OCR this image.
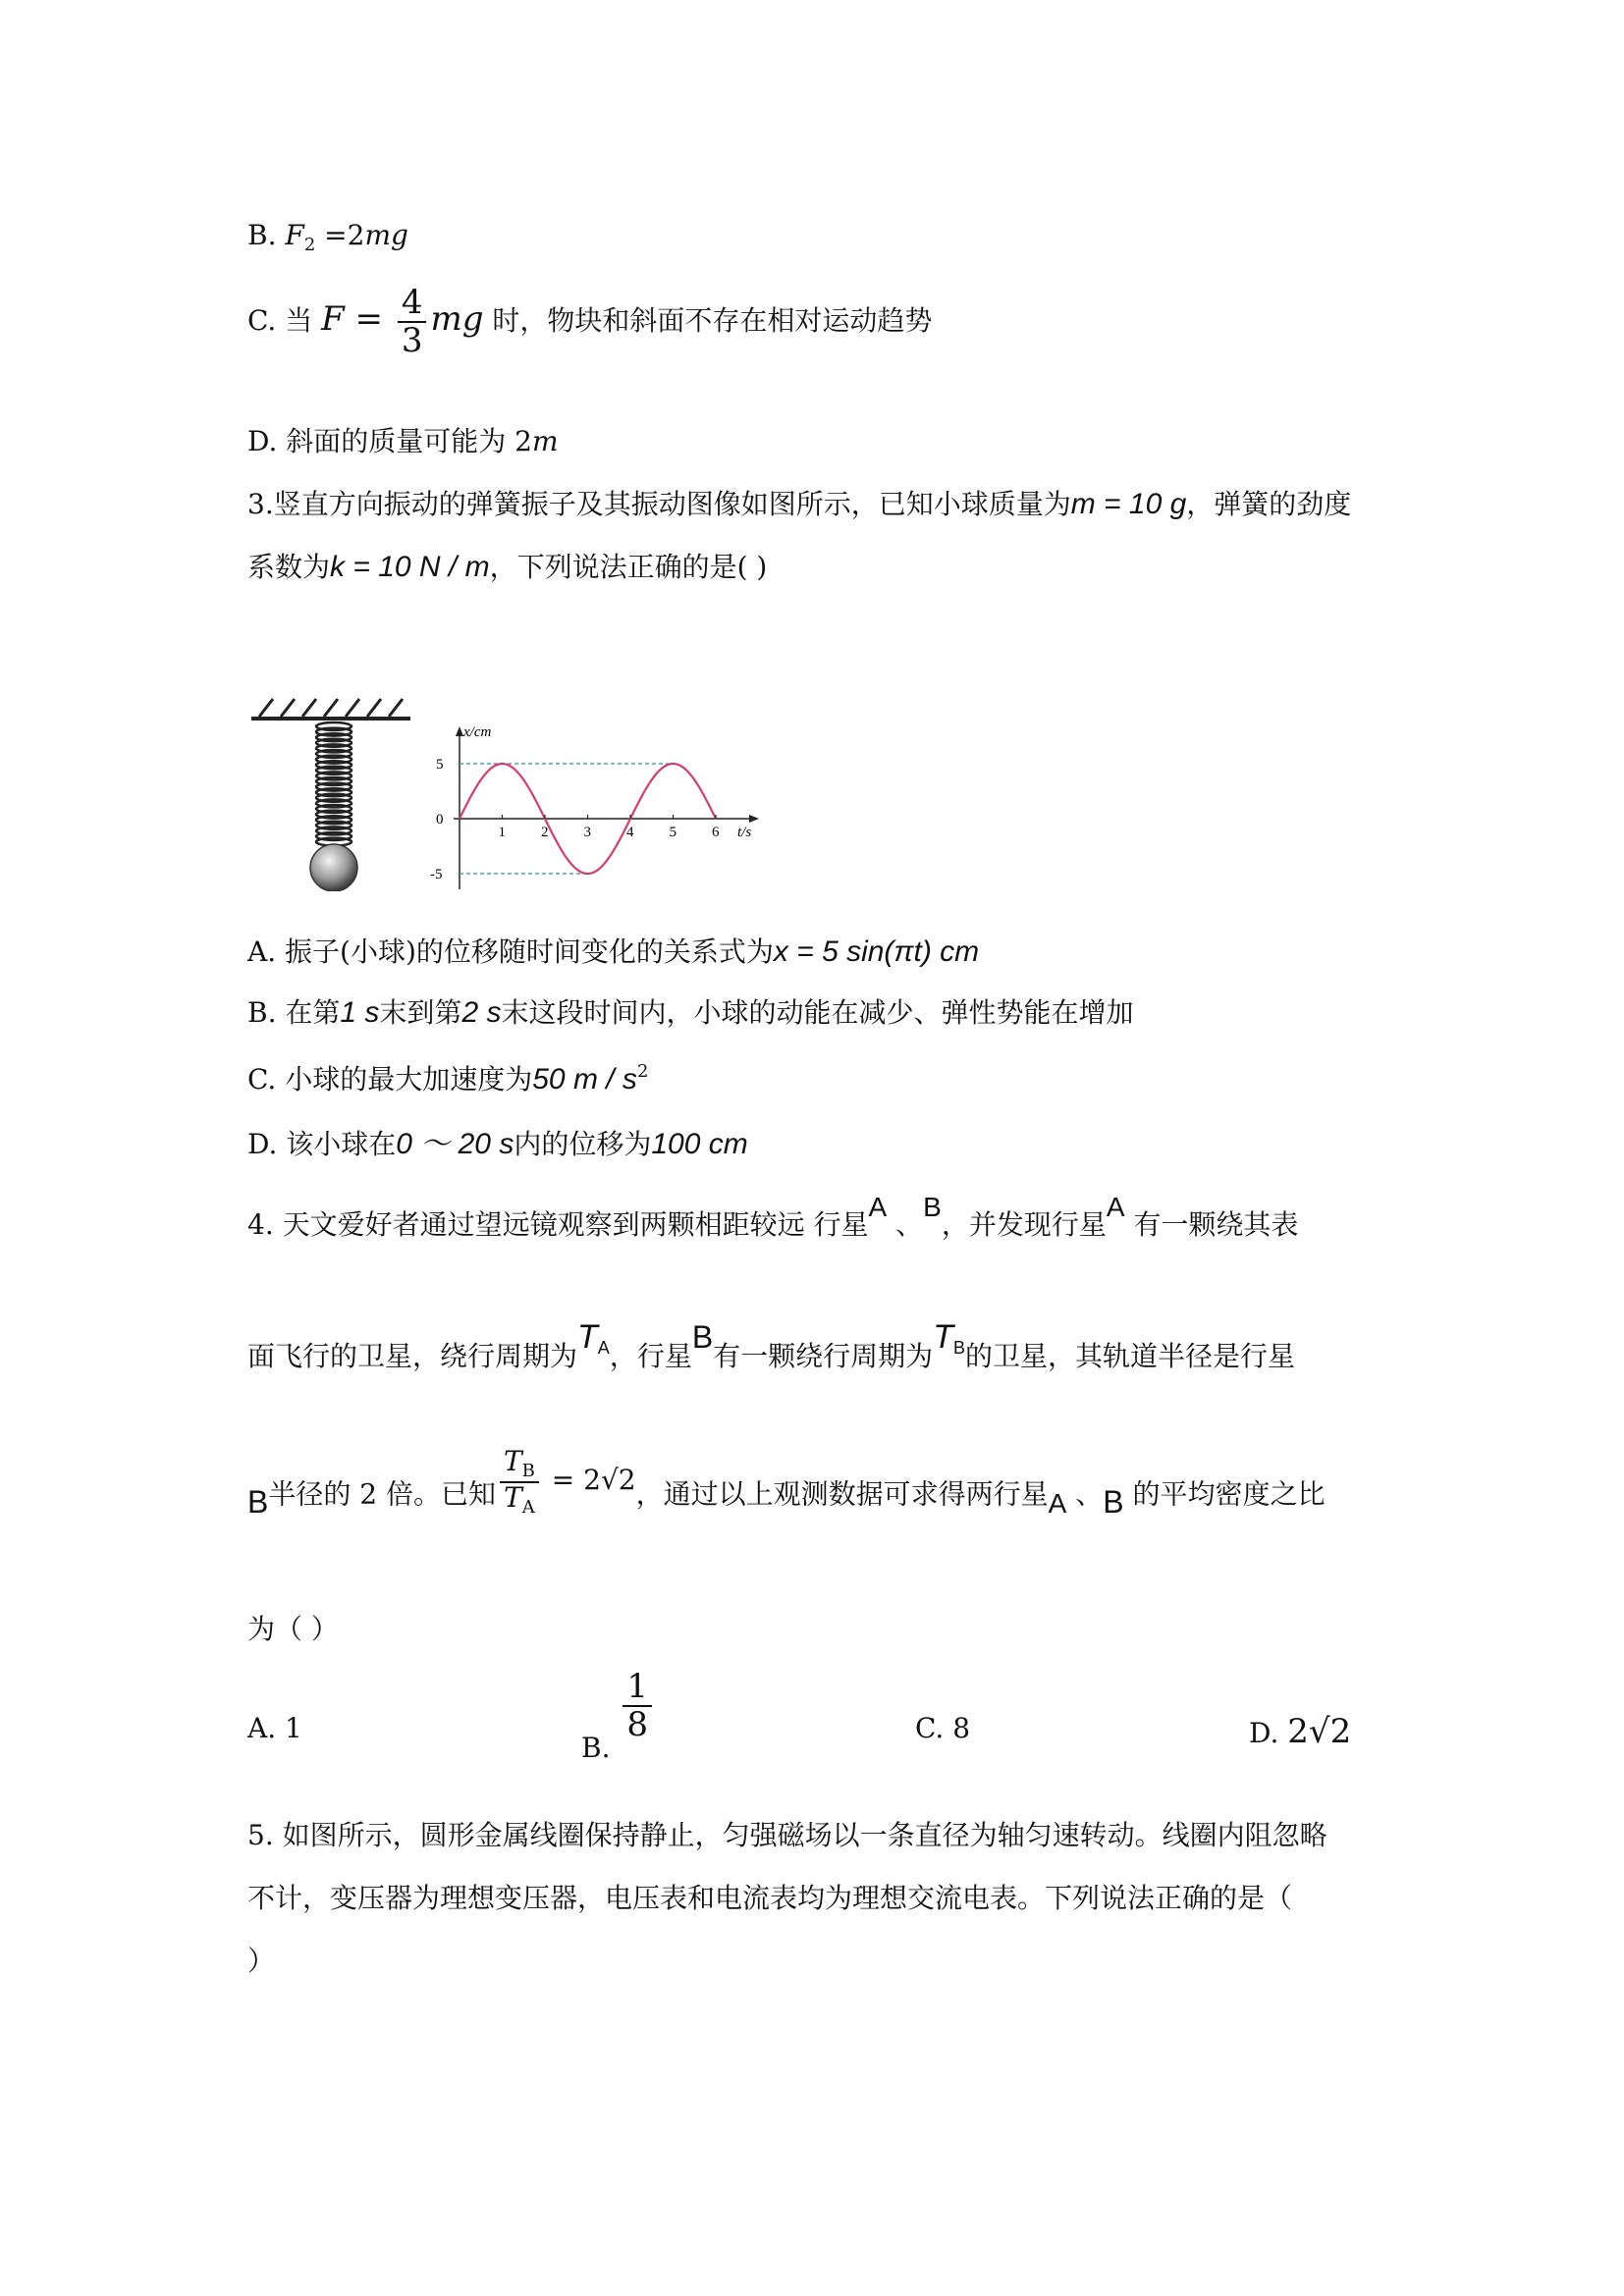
B. $F_2 =2mg$
C. 当 $F = \frac{4}{3}$ mg 时，物块和斜面不存在相对运动趋势
D. 斜面的质量可能为 2m
3.竖直方向振动的弹簧振子及其振动图像如图所示，已知小球质量为m = 10 g，弹簧的劲度
系数为k = 10 N / m，下列说法正确的是( )
1 2 3 4 5 6
5
0
-5
x/cm
t/s
A. 振子(小球)的位移随时间变化的关系式为x = 5 sin(πt) cm
B. 在第1 s末到第2 s末这段时间内，小球的动能在减少、弹性势能在增加
C. 小球的最大加速度为50 m / $s^2$
D. 该小球在0 ～ 20 s内的位移为100 cm
4. 天文爱好者通过望远镜观察到两颗相距较远 行星A 、B，并发现行星A 有一颗绕其表
面飞行的卫星，绕行周期为$T_A$，行星B有一颗绕行周期为$T_B$的卫星，其轨道半径是行星
B半径的 2 倍。已知 $\frac{T_B}{T_A} = 2√2$，通过以上观测数据可求得两行星A 、B 的平均密度之比
为（ ）
A. 1
B.
$\frac{1}{8}$	C. 8	D. 2√2
5. 如图所示，圆形金属线圈保持静止，匀强磁场以一条直径为轴匀速转动。线圈内阻忽略
不计，变压器为理想变压器，电压表和电流表均为理想交流电表。下列说法正确的是（
）
